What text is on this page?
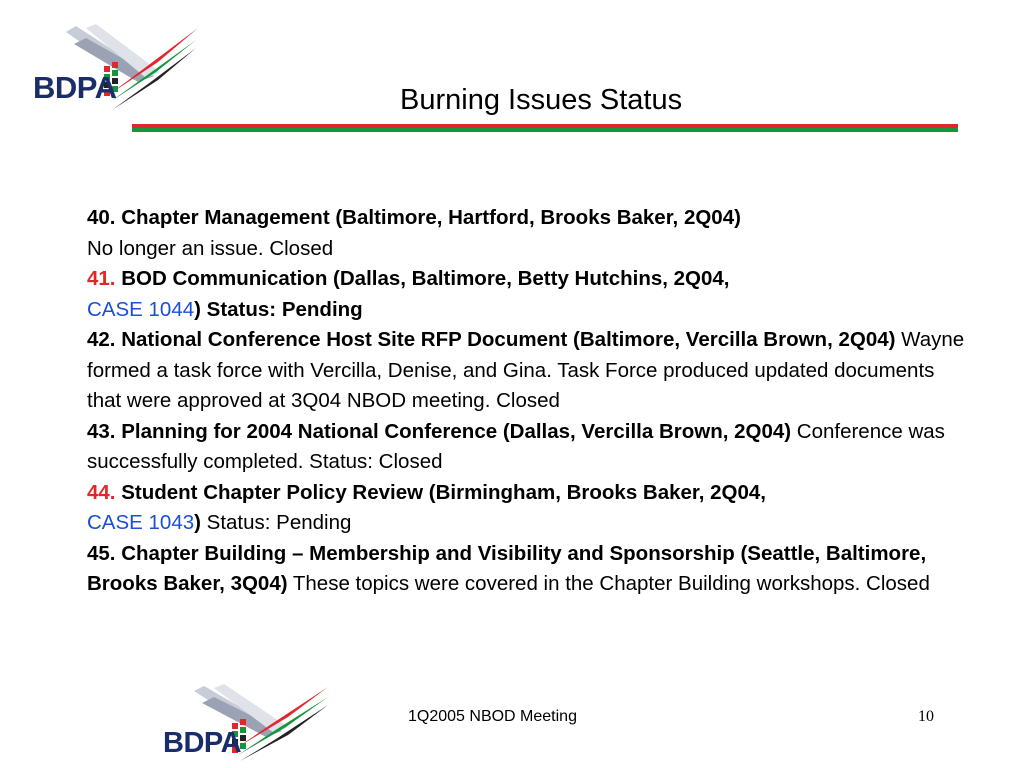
BDPA	Burning Issues Status

40. Chapter Management (Baltimore, Hartford, Brooks Baker, 2Q04)
No longer an issue. Closed

41. BOD Communication (Dallas, Baltimore, Betty Hutchins, 2Q04,
CASE 1044) Status: Pending

42. National Conference Host Site RFP Document (Baltimore, Vercilla Brown, 2Q04) Wayne formed a task force with Vercilla, Denise, and Gina. Task Force produced updated documents that were approved at 3Q04 NBOD meeting. Closed

43. Planning for 2004 National Conference (Dallas, Vercilla Brown, 2Q04) Conference was successfully completed. Status: Closed

44. Student Chapter Policy Review (Birmingham, Brooks Baker, 2Q04,
CASE 1043) Status: Pending

45. Chapter Building – Membership and Visibility and Sponsorship (Seattle, Baltimore, Brooks Baker, 3Q04) These topics were covered in the Chapter Building workshops. Closed

BDPA
1Q2005 NBOD Meeting	10
